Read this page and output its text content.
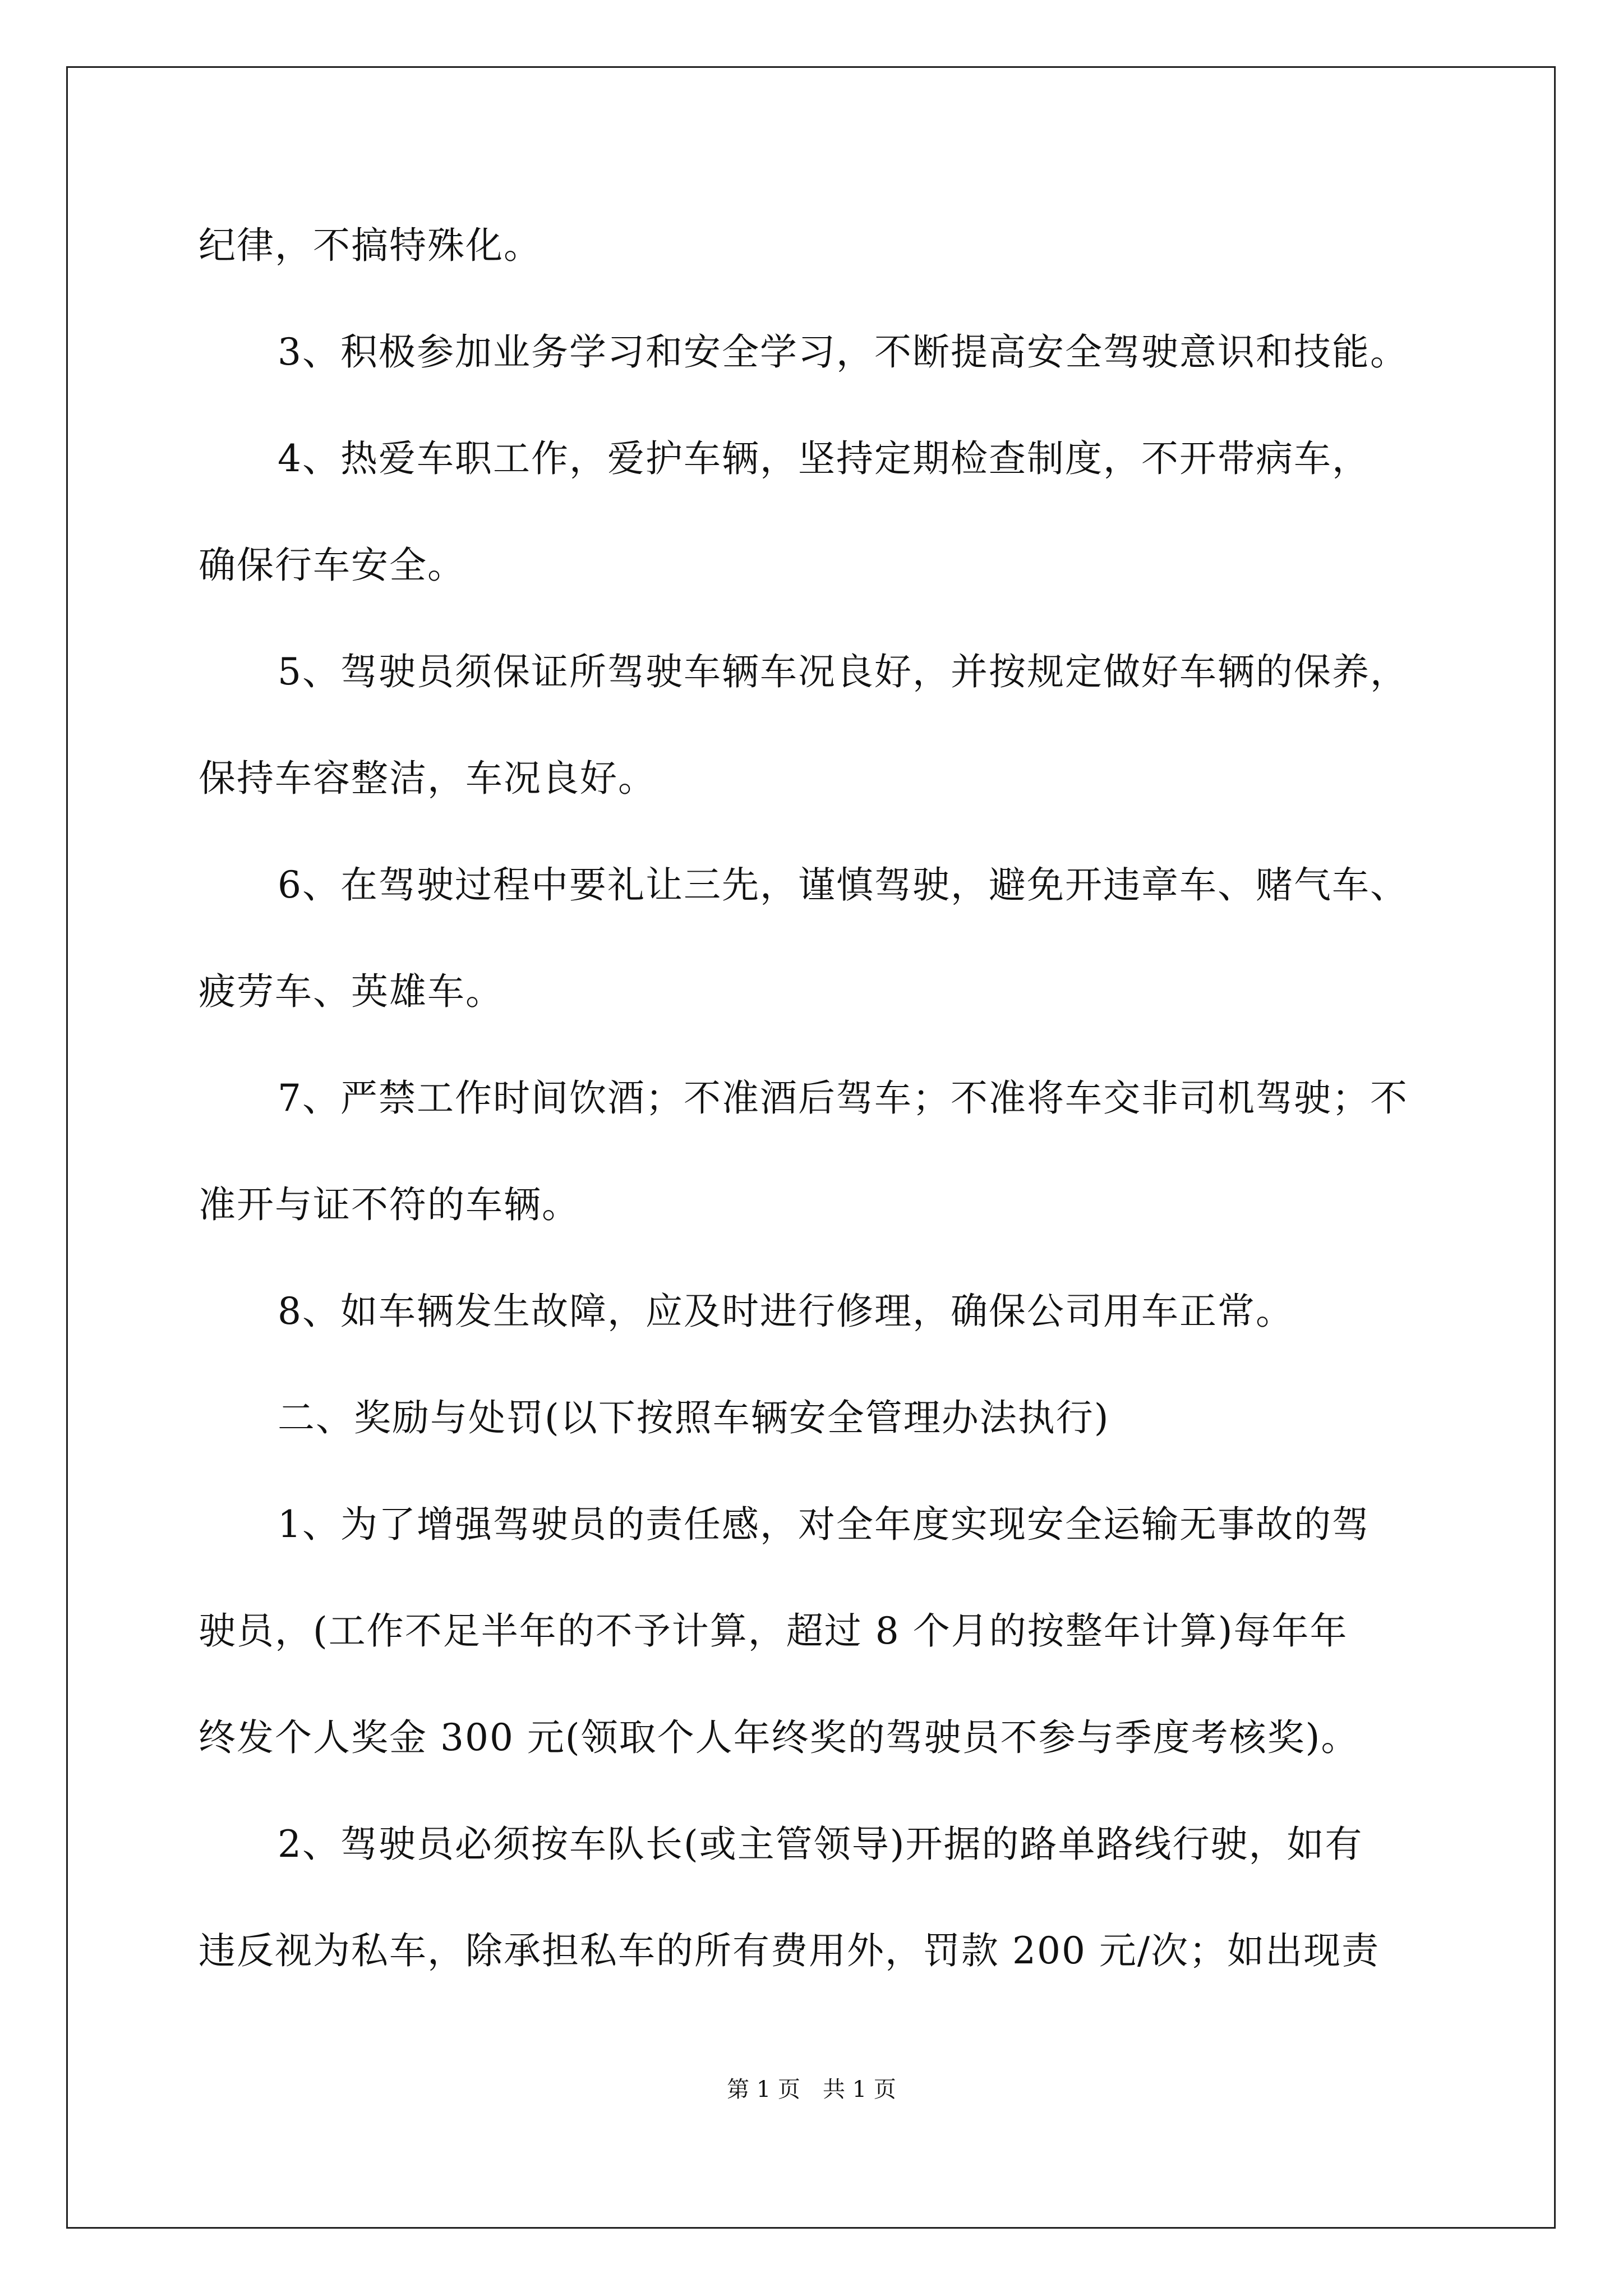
纪律，不搞特殊化。
3、积极参加业务学习和安全学习，不断提高安全驾驶意识和技能。
4、热爱车职工作，爱护车辆，坚持定期检查制度，不开带病车，
确保行车安全。
5、驾驶员须保证所驾驶车辆车况良好，并按规定做好车辆的保养，
保持车容整洁，车况良好。
6、在驾驶过程中要礼让三先，谨慎驾驶，避免开违章车、赌气车、
疲劳车、英雄车。
7、严禁工作时间饮酒；不准酒后驾车；不准将车交非司机驾驶；不
准开与证不符的车辆。
8、如车辆发生故障，应及时进行修理，确保公司用车正常。
二、奖励与处罚(以下按照车辆安全管理办法执行)
1、为了增强驾驶员的责任感，对全年度实现安全运输无事故的驾
驶员，(工作不足半年的不予计算，超过 8 个月的按整年计算)每年年
终发个人奖金 300 元(领取个人年终奖的驾驶员不参与季度考核奖)。
2、驾驶员必须按车队长(或主管领导)开据的路单路线行驶，如有
违反视为私车，除承担私车的所有费用外，罚款 200 元/次；如出现责
第 1 页　共 1 页
